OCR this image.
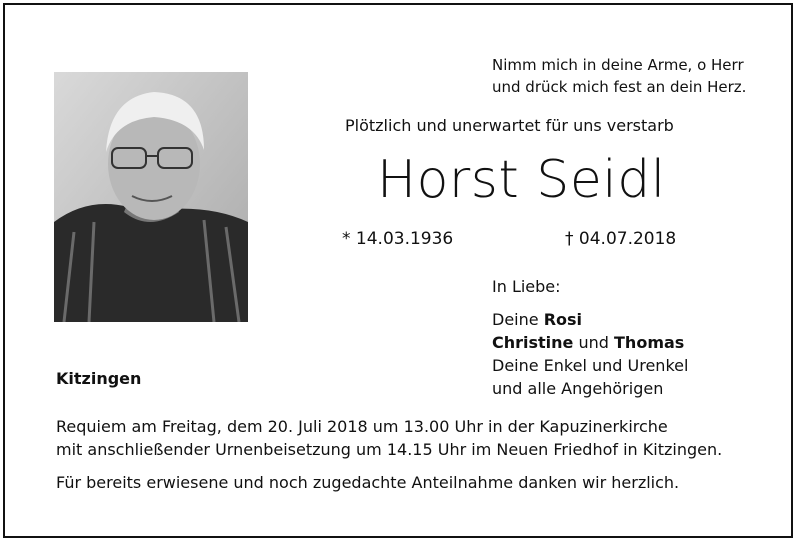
Nimm mich in deine Arme, o Herr
und drück mich fest an dein Herz.
Plötzlich und unerwartet für uns verstarb
Horst Seidl
* 14.03.1936	† 04.07.2018
In Liebe:
Deine Rosi
Christine und Thomas
Deine Enkel und Urenkel
und alle Angehörigen
Kitzingen
Requiem am Freitag, dem 20. Juli 2018 um 13.00 Uhr in der Kapuzinerkirche
mit anschließender Urnenbeisetzung um 14.15 Uhr im Neuen Friedhof in Kitzingen.
Für bereits erwiesene und noch zugedachte Anteilnahme danken wir herzlich.
